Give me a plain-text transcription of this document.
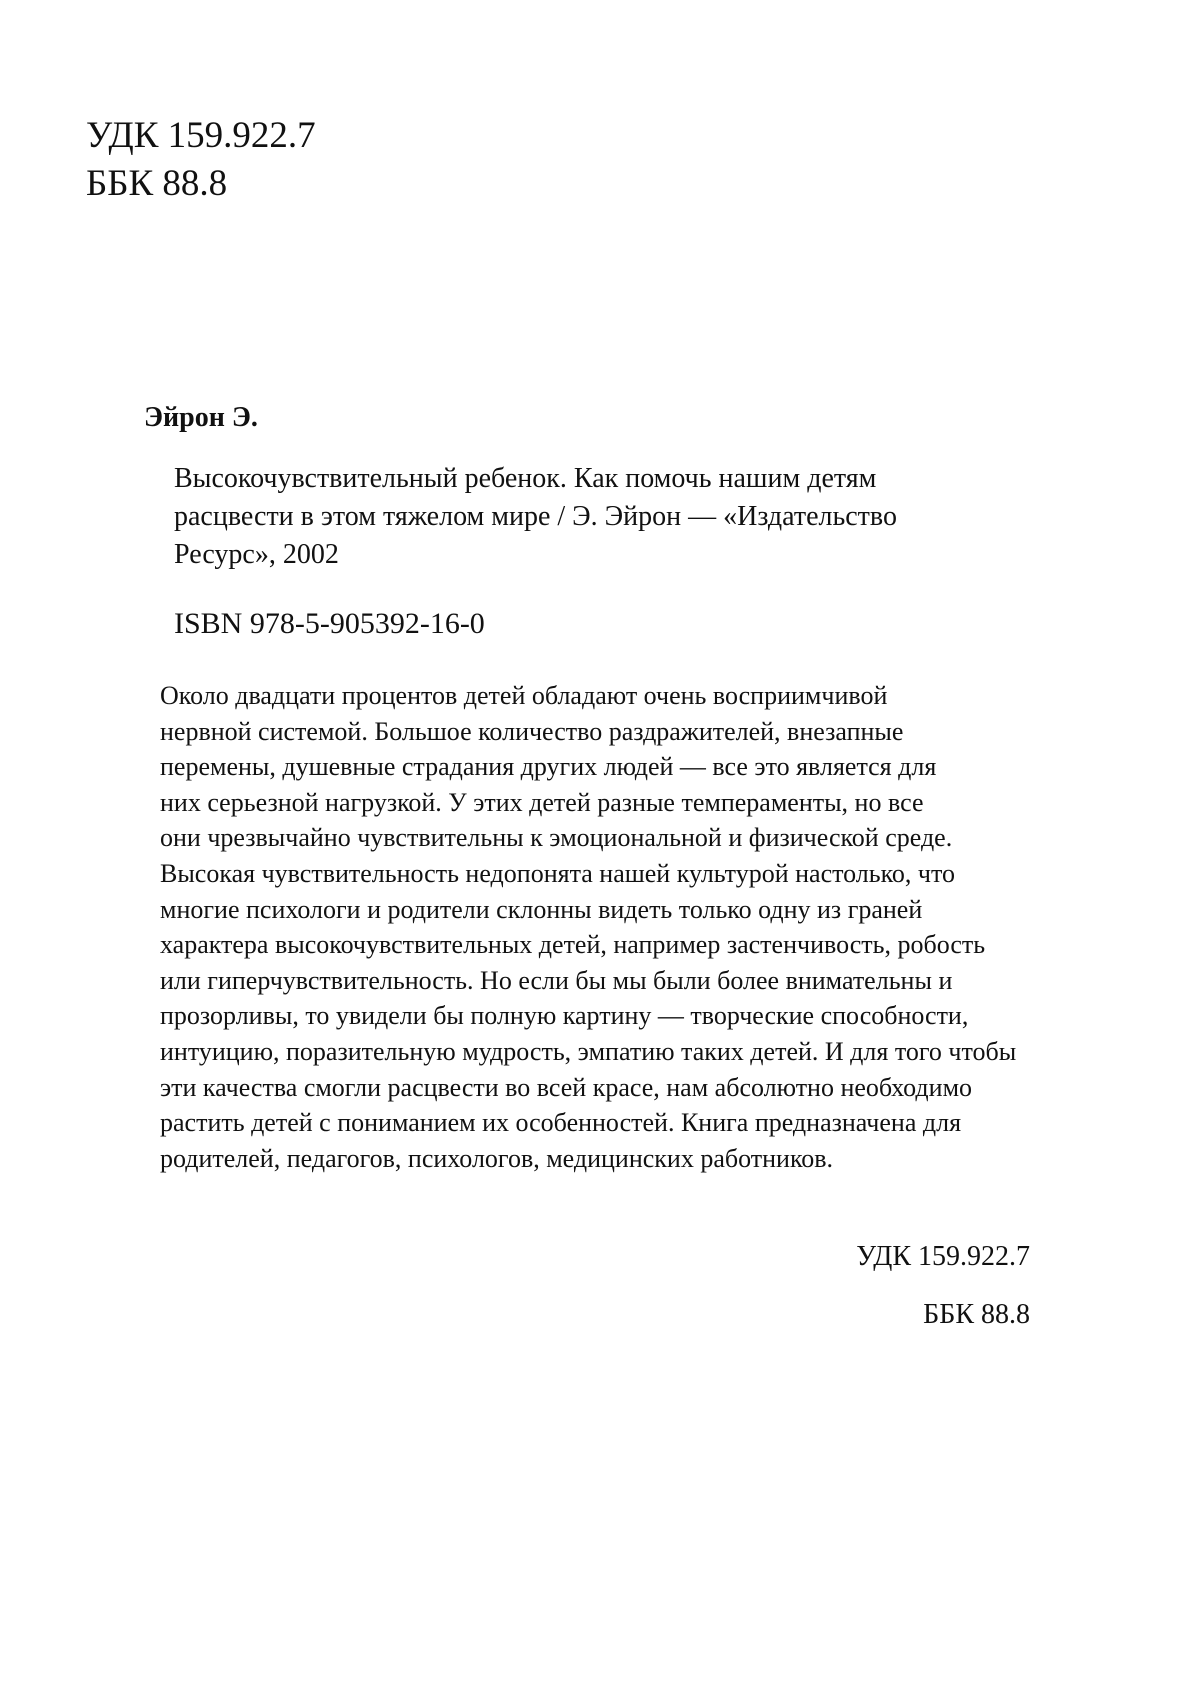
УДК 159.922.7
ББК 88.8
Эйрон Э.
Высокочувствительный ребенок. Как помочь нашим детям
расцвести в этом тяжелом мире / Э. Эйрон — «Издательство
Ресурс», 2002
ISBN 978-5-905392-16-0
Около двадцати процентов детей обладают очень восприимчивой
нервной системой. Большое количество раздражителей, внезапные
перемены, душевные страдания других людей — все это является для
них серьезной нагрузкой. У этих детей разные темпераменты, но все
они чрезвычайно чувствительны к эмоциональной и физической среде.
Высокая чувствительность недопонята нашей культурой настолько, что
многие психологи и родители склонны видеть только одну из граней
характера высокочувствительных детей, например застенчивость, робость
или гиперчувствительность. Но если бы мы были более внимательны и
прозорливы, то увидели бы полную картину — творческие способности,
интуицию, поразительную мудрость, эмпатию таких детей. И для того чтобы
эти качества смогли расцвести во всей красе, нам абсолютно необходимо
растить детей с пониманием их особенностей. Книга предназначена для
родителей, педагогов, психологов, медицинских работников.
УДК 159.922.7
ББК 88.8
